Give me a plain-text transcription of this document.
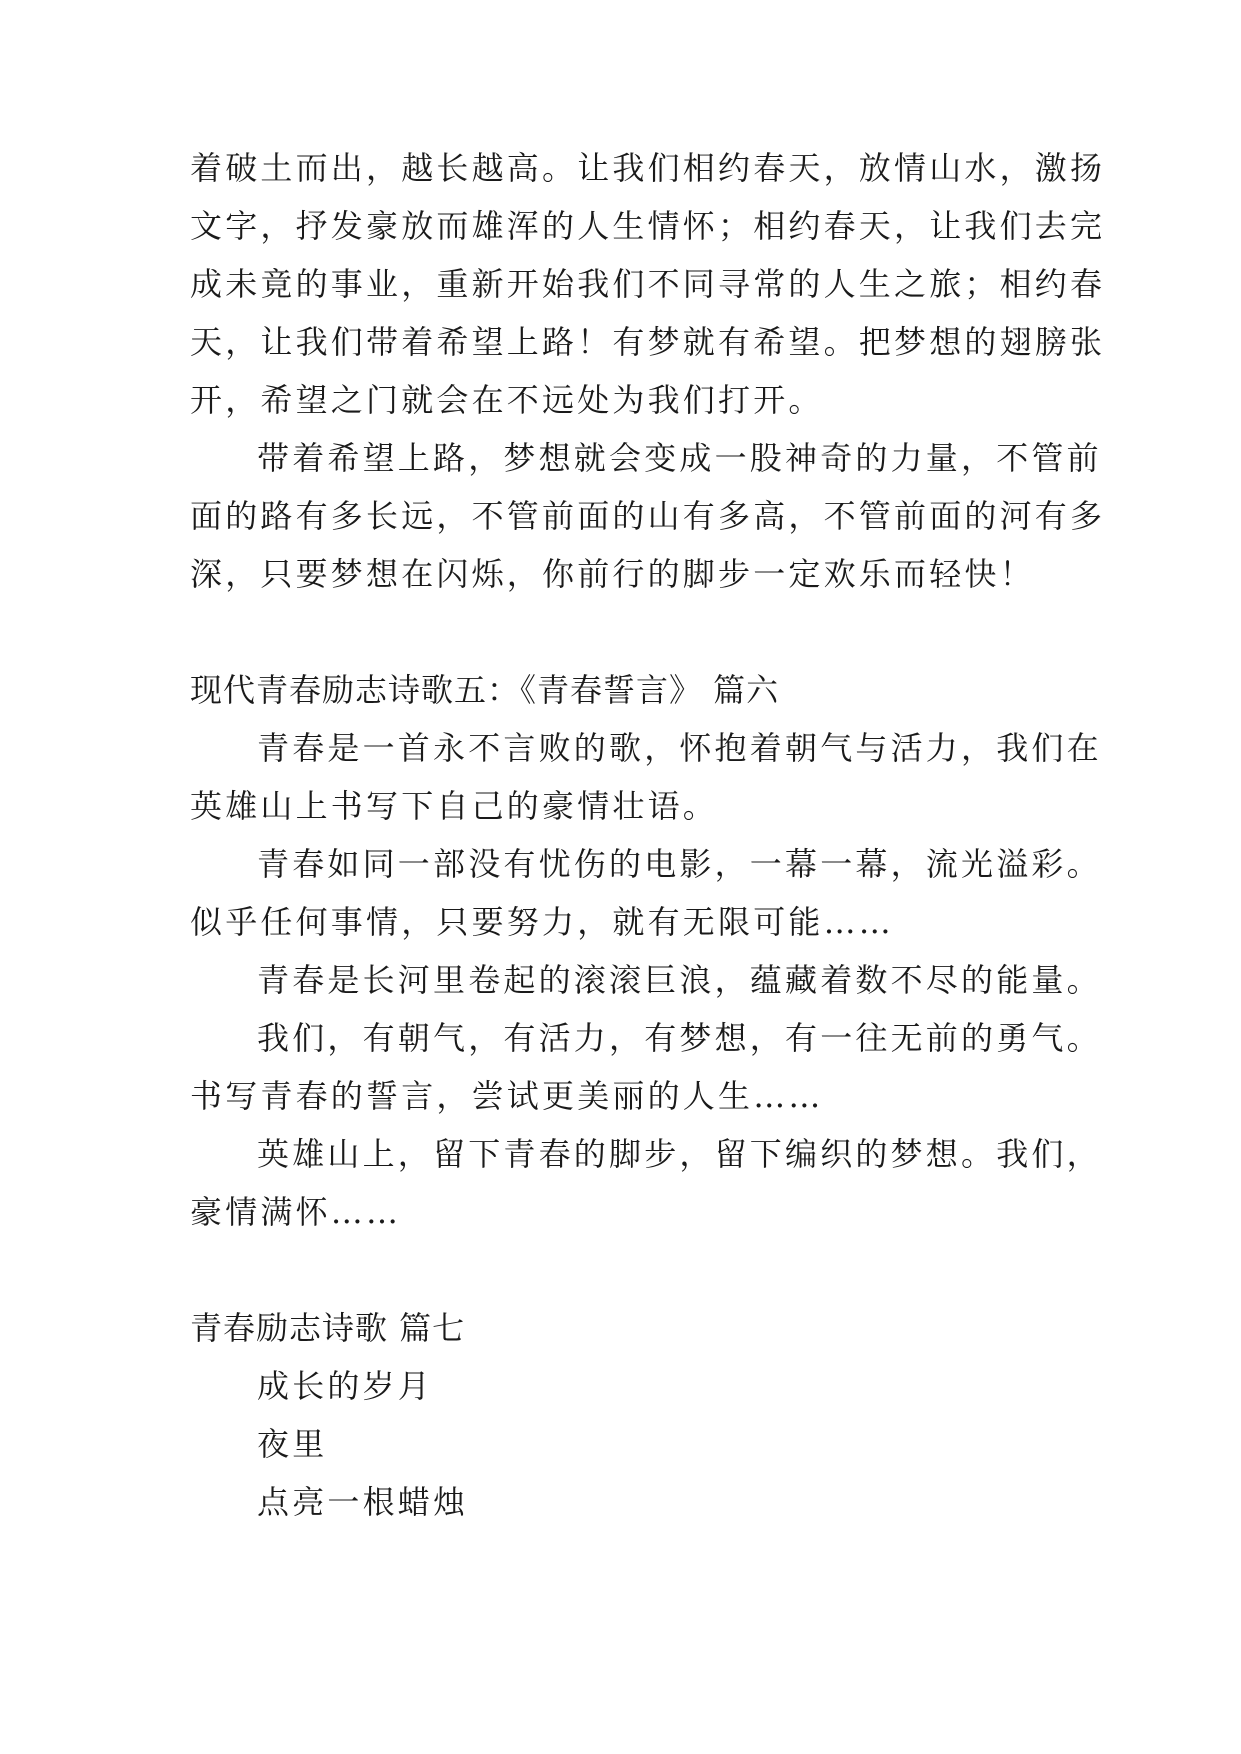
着破土而出，越长越高。让我们相约春天，放情山水，激扬
文字，抒发豪放而雄浑的人生情怀；相约春天，让我们去完
成未竟的事业，重新开始我们不同寻常的人生之旅；相约春
天，让我们带着希望上路！有梦就有希望。把梦想的翅膀张
开，希望之门就会在不远处为我们打开。
带着希望上路，梦想就会变成一股神奇的力量，不管前
面的路有多长远，不管前面的山有多高，不管前面的河有多
深，只要梦想在闪烁，你前行的脚步一定欢乐而轻快！
现代青春励志诗歌五：《青春誓言》 篇六
青春是一首永不言败的歌，怀抱着朝气与活力，我们在
英雄山上书写下自己的豪情壮语。
青春如同一部没有忧伤的电影，一幕一幕，流光溢彩。
似乎任何事情，只要努力，就有无限可能……
青春是长河里卷起的滚滚巨浪，蕴藏着数不尽的能量。
我们，有朝气，有活力，有梦想，有一往无前的勇气。
书写青春的誓言，尝试更美丽的人生……
英雄山上，留下青春的脚步，留下编织的梦想。我们，
豪情满怀……
青春励志诗歌 篇七
成长的岁月
夜里
点亮一根蜡烛
